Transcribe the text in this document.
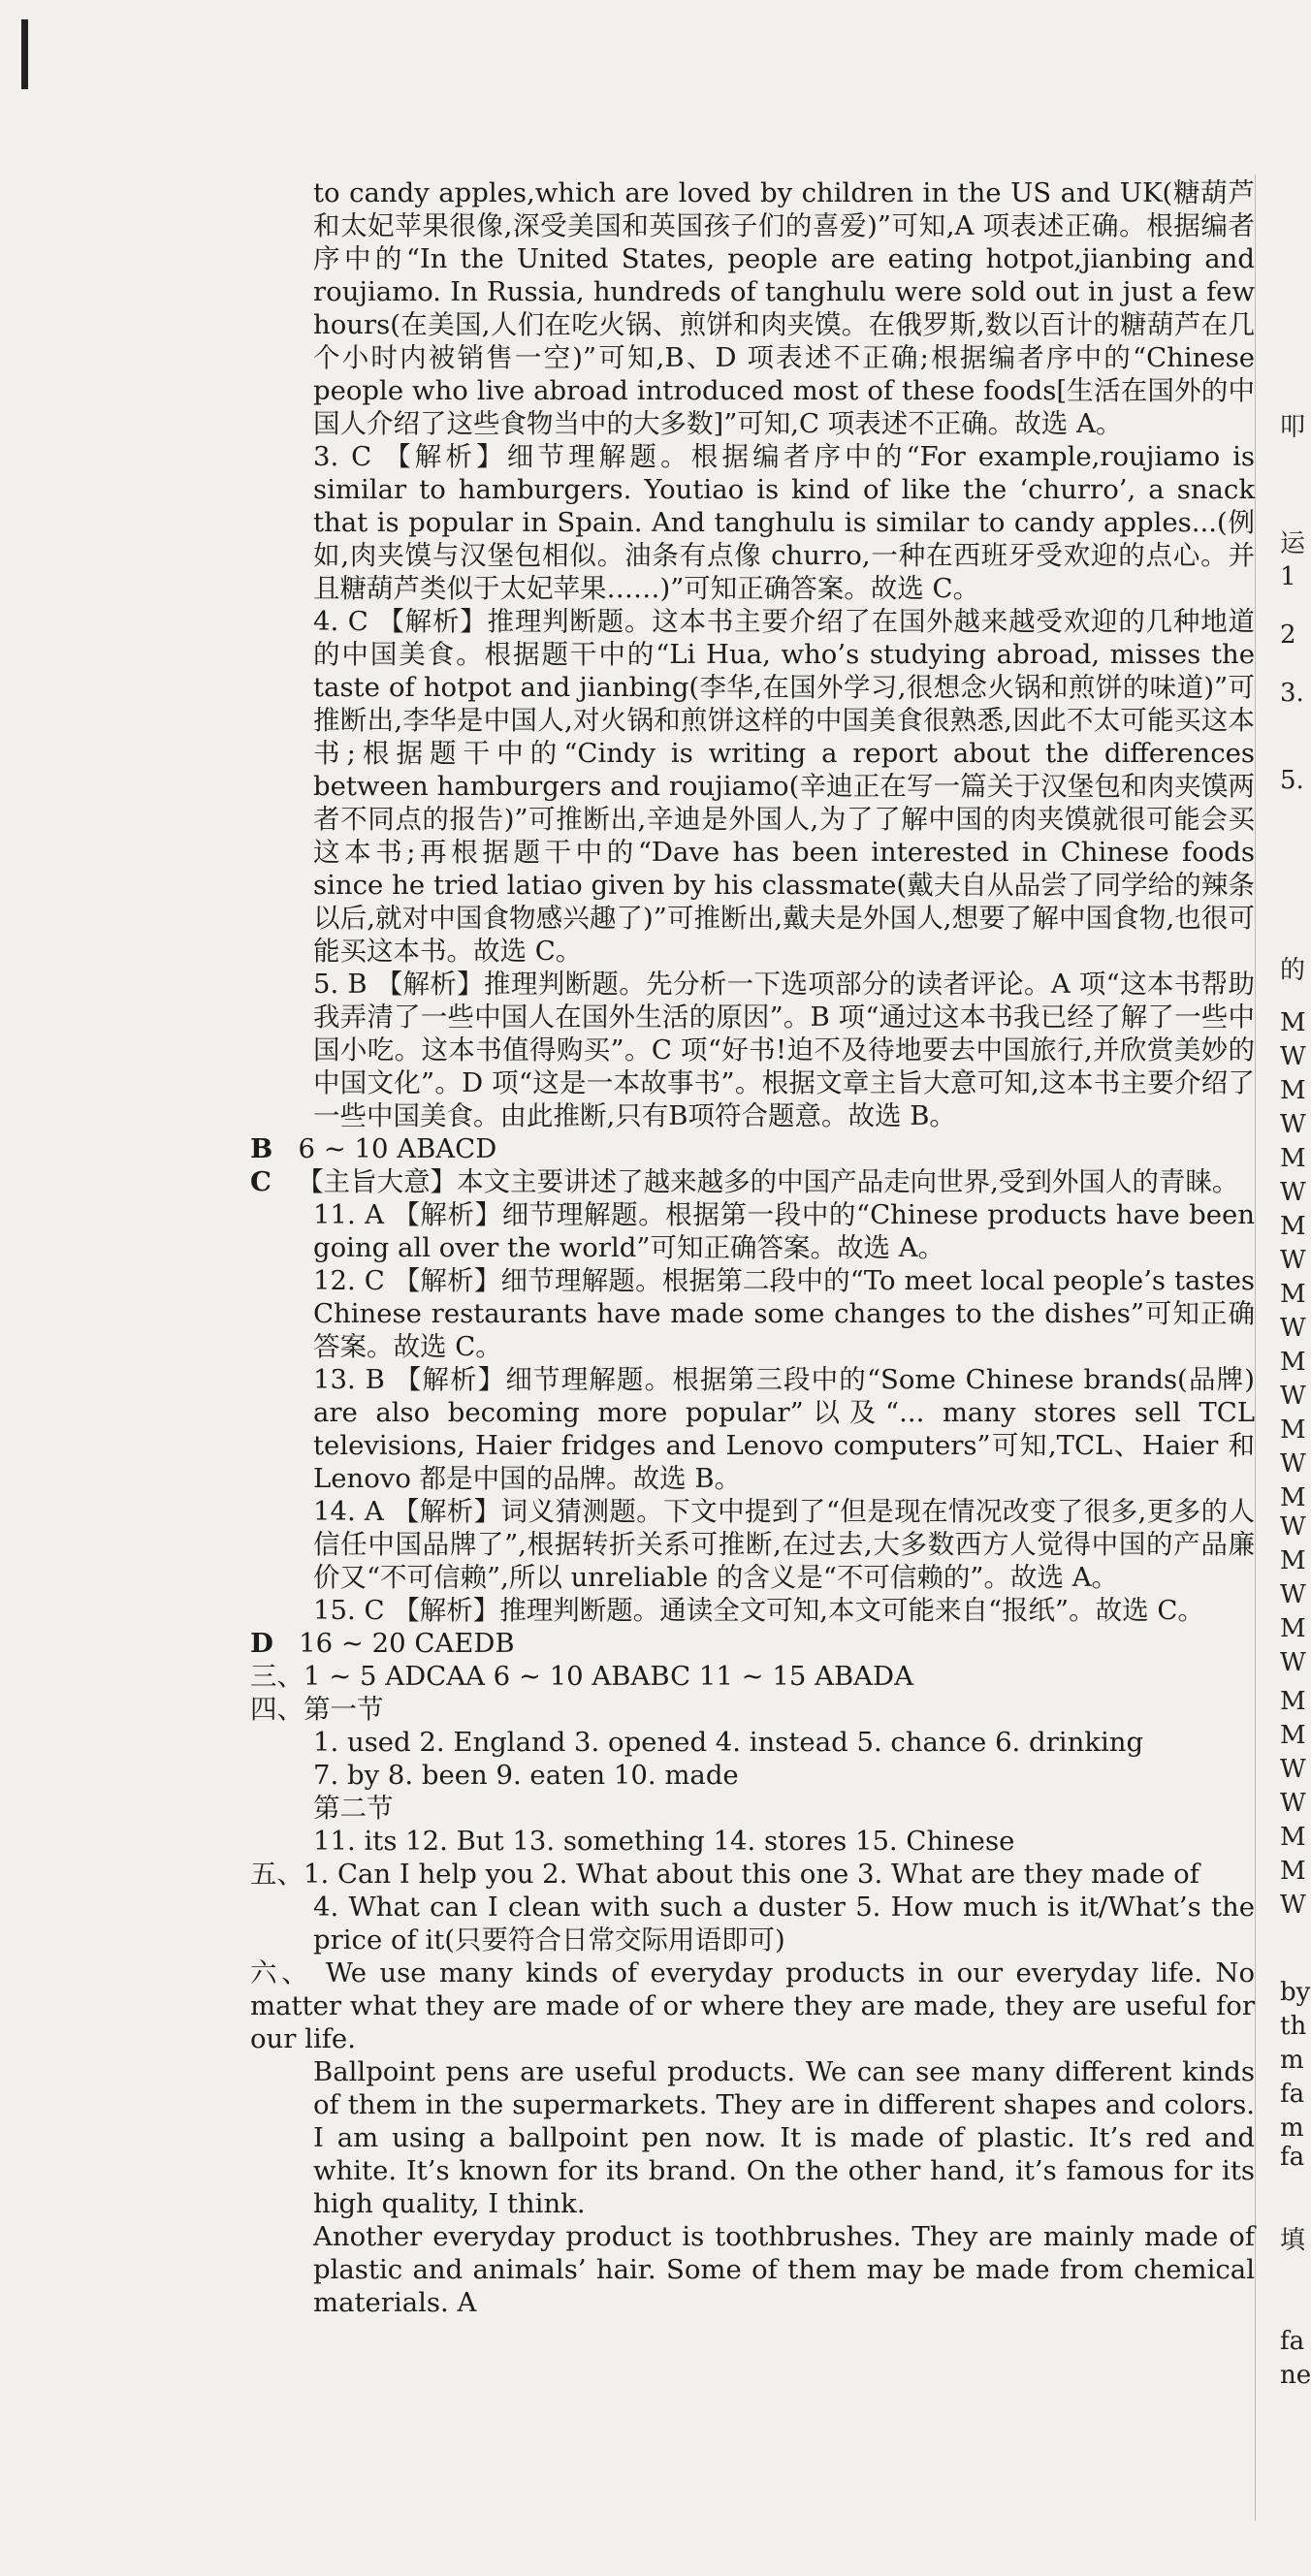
to candy apples,which are loved by children in the US and UK(糖葫芦和太妃苹果很像,深受美国和英国孩子们的喜爱)”可知,A 项表述正确。根据编者序中的“In the United States, people are eating hotpot,jianbing and roujiamo. In Russia, hundreds of tanghulu were sold out in just a few hours(在美国,人们在吃火锅、煎饼和肉夹馍。在俄罗斯,数以百计的糖葫芦在几个小时内被销售一空)”可知,B、D 项表述不正确;根据编者序中的“Chinese people who live abroad introduced most of these foods[生活在国外的中国人介绍了这些食物当中的大多数]”可知,C 项表述不正确。故选 A。

3. C 【解析】细节理解题。根据编者序中的“For example,roujiamo is similar to hamburgers. Youtiao is kind of like the ‘churro’, a snack that is popular in Spain. And tanghulu is similar to candy apples...(例如,肉夹馍与汉堡包相似。油条有点像 churro,一种在西班牙受欢迎的点心。并且糖葫芦类似于太妃苹果……)”可知正确答案。故选 C。

4. C 【解析】推理判断题。这本书主要介绍了在国外越来越受欢迎的几种地道的中国美食。根据题干中的“Li Hua, who’s studying abroad, misses the taste of hotpot and jianbing(李华,在国外学习,很想念火锅和煎饼的味道)”可推断出,李华是中国人,对火锅和煎饼这样的中国美食很熟悉,因此不太可能买这本书;根据题干中的“Cindy is writing a report about the differences between hamburgers and roujiamo(辛迪正在写一篇关于汉堡包和肉夹馍两者不同点的报告)”可推断出,辛迪是外国人,为了了解中国的肉夹馍就很可能会买这本书;再根据题干中的“Dave has been interested in Chinese foods since he tried latiao given by his classmate(戴夫自从品尝了同学给的辣条以后,就对中国食物感兴趣了)”可推断出,戴夫是外国人,想要了解中国食物,也很可能买这本书。故选 C。

5. B 【解析】推理判断题。先分析一下选项部分的读者评论。A 项“这本书帮助我弄清了一些中国人在国外生活的原因”。B 项“通过这本书我已经了解了一些中国小吃。这本书值得购买”。C 项“好书!迫不及待地要去中国旅行,并欣赏美妙的中国文化”。D 项“这是一本故事书”。根据文章主旨大意可知,这本书主要介绍了一些中国美食。由此推断,只有B项符合题意。故选 B。

B 6 ~ 10 ABACD

C 【主旨大意】本文主要讲述了越来越多的中国产品走向世界,受到外国人的青睐。

11. A 【解析】细节理解题。根据第一段中的“Chinese products have been going all over the world”可知正确答案。故选 A。

12. C 【解析】细节理解题。根据第二段中的“To meet local people’s tastes Chinese restaurants have made some changes to the dishes”可知正确答案。故选 C。

13. B 【解析】细节理解题。根据第三段中的“Some Chinese brands(品牌) are also becoming more popular”以及“... many stores sell TCL televisions, Haier fridges and Lenovo computers”可知,TCL、Haier 和 Lenovo 都是中国的品牌。故选 B。

14. A 【解析】词义猜测题。下文中提到了“但是现在情况改变了很多,更多的人信任中国品牌了”,根据转折关系可推断,在过去,大多数西方人觉得中国的产品廉价又“不可信赖”,所以 unreliable 的含义是“不可信赖的”。故选 A。

15. C 【解析】推理判断题。通读全文可知,本文可能来自“报纸”。故选 C。

D 16 ~ 20 CAEDB

三、1 ~ 5 ADCAA 6 ~ 10 ABABC 11 ~ 15 ABADA

四、第一节

1. used 2. England 3. opened 4. instead 5. chance 6. drinking

7. by 8. been 9. eaten 10. made

第二节

11. its 12. But 13. something 14. stores 15. Chinese

五、1. Can I help you 2. What about this one 3. What are they made of

4. What can I clean with such a duster 5. How much is it/What’s the price of it(只要符合日常交际用语即可)

六、 We use many kinds of everyday products in our everyday life. No matter what they are made of or where they are made, they are useful for our life.

Ballpoint pens are useful products. We can see many different kinds of them in the supermarkets. They are in different shapes and colors. I am using a ballpoint pen now. It is made of plastic. It’s red and white. It’s known for its brand. On the other hand, it’s famous for its high quality, I think.

Another everyday product is toothbrushes. They are mainly made of plastic and animals’ hair. Some of them may be made from chemical materials. A

叩
运
1
2
3.
5.
的
M
W
M
W
M
W
M
W
M
W
M
W
M
W
M
W
M
W
M
W
M
M
W
W
M
M
W
by
th
m
fa
m
fa
填
fa
ne
